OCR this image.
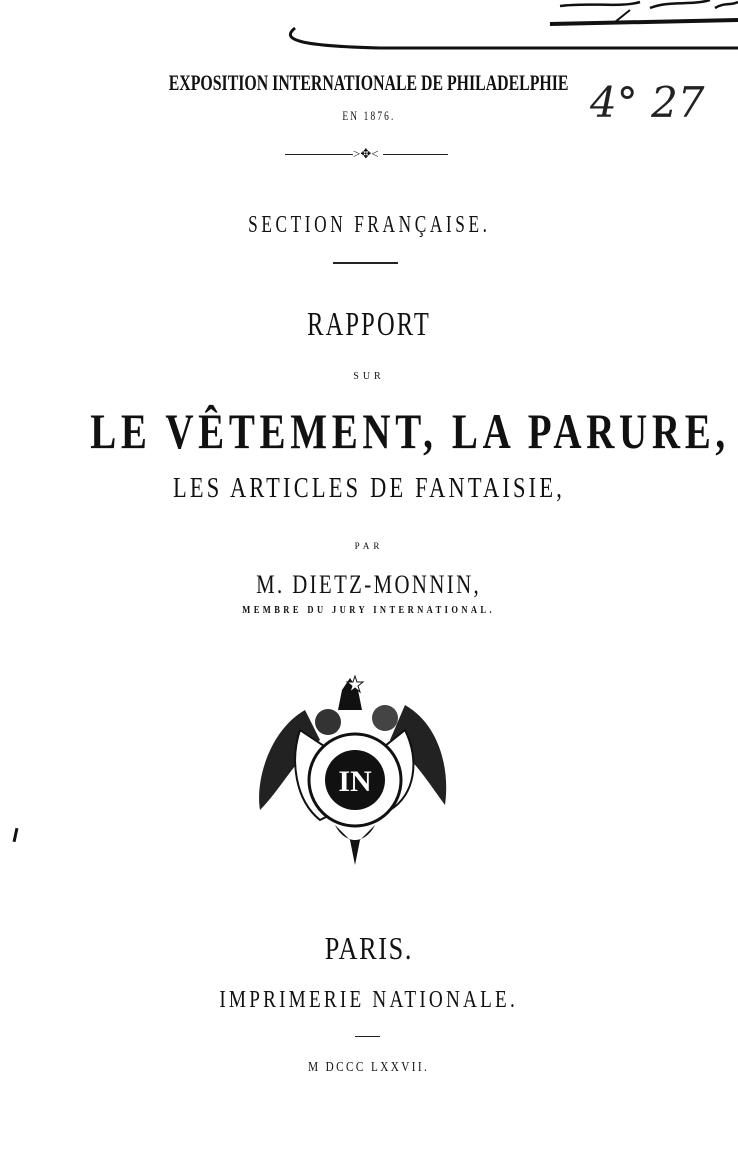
4° 27
EXPOSITION INTERNATIONALE DE PHILADELPHIE
EN 1876.
>✥<
SECTION FRANÇAISE.
RAPPORT
SUR
LE VÊTEMENT, LA PARURE,
LES ARTICLES DE FANTAISIE,
PAR
M. DIETZ-MONNIN,
MEMBRE DU JURY INTERNATIONAL.
IN
PARIS.
IMPRIMERIE NATIONALE.
M DCCC LXXVII.
